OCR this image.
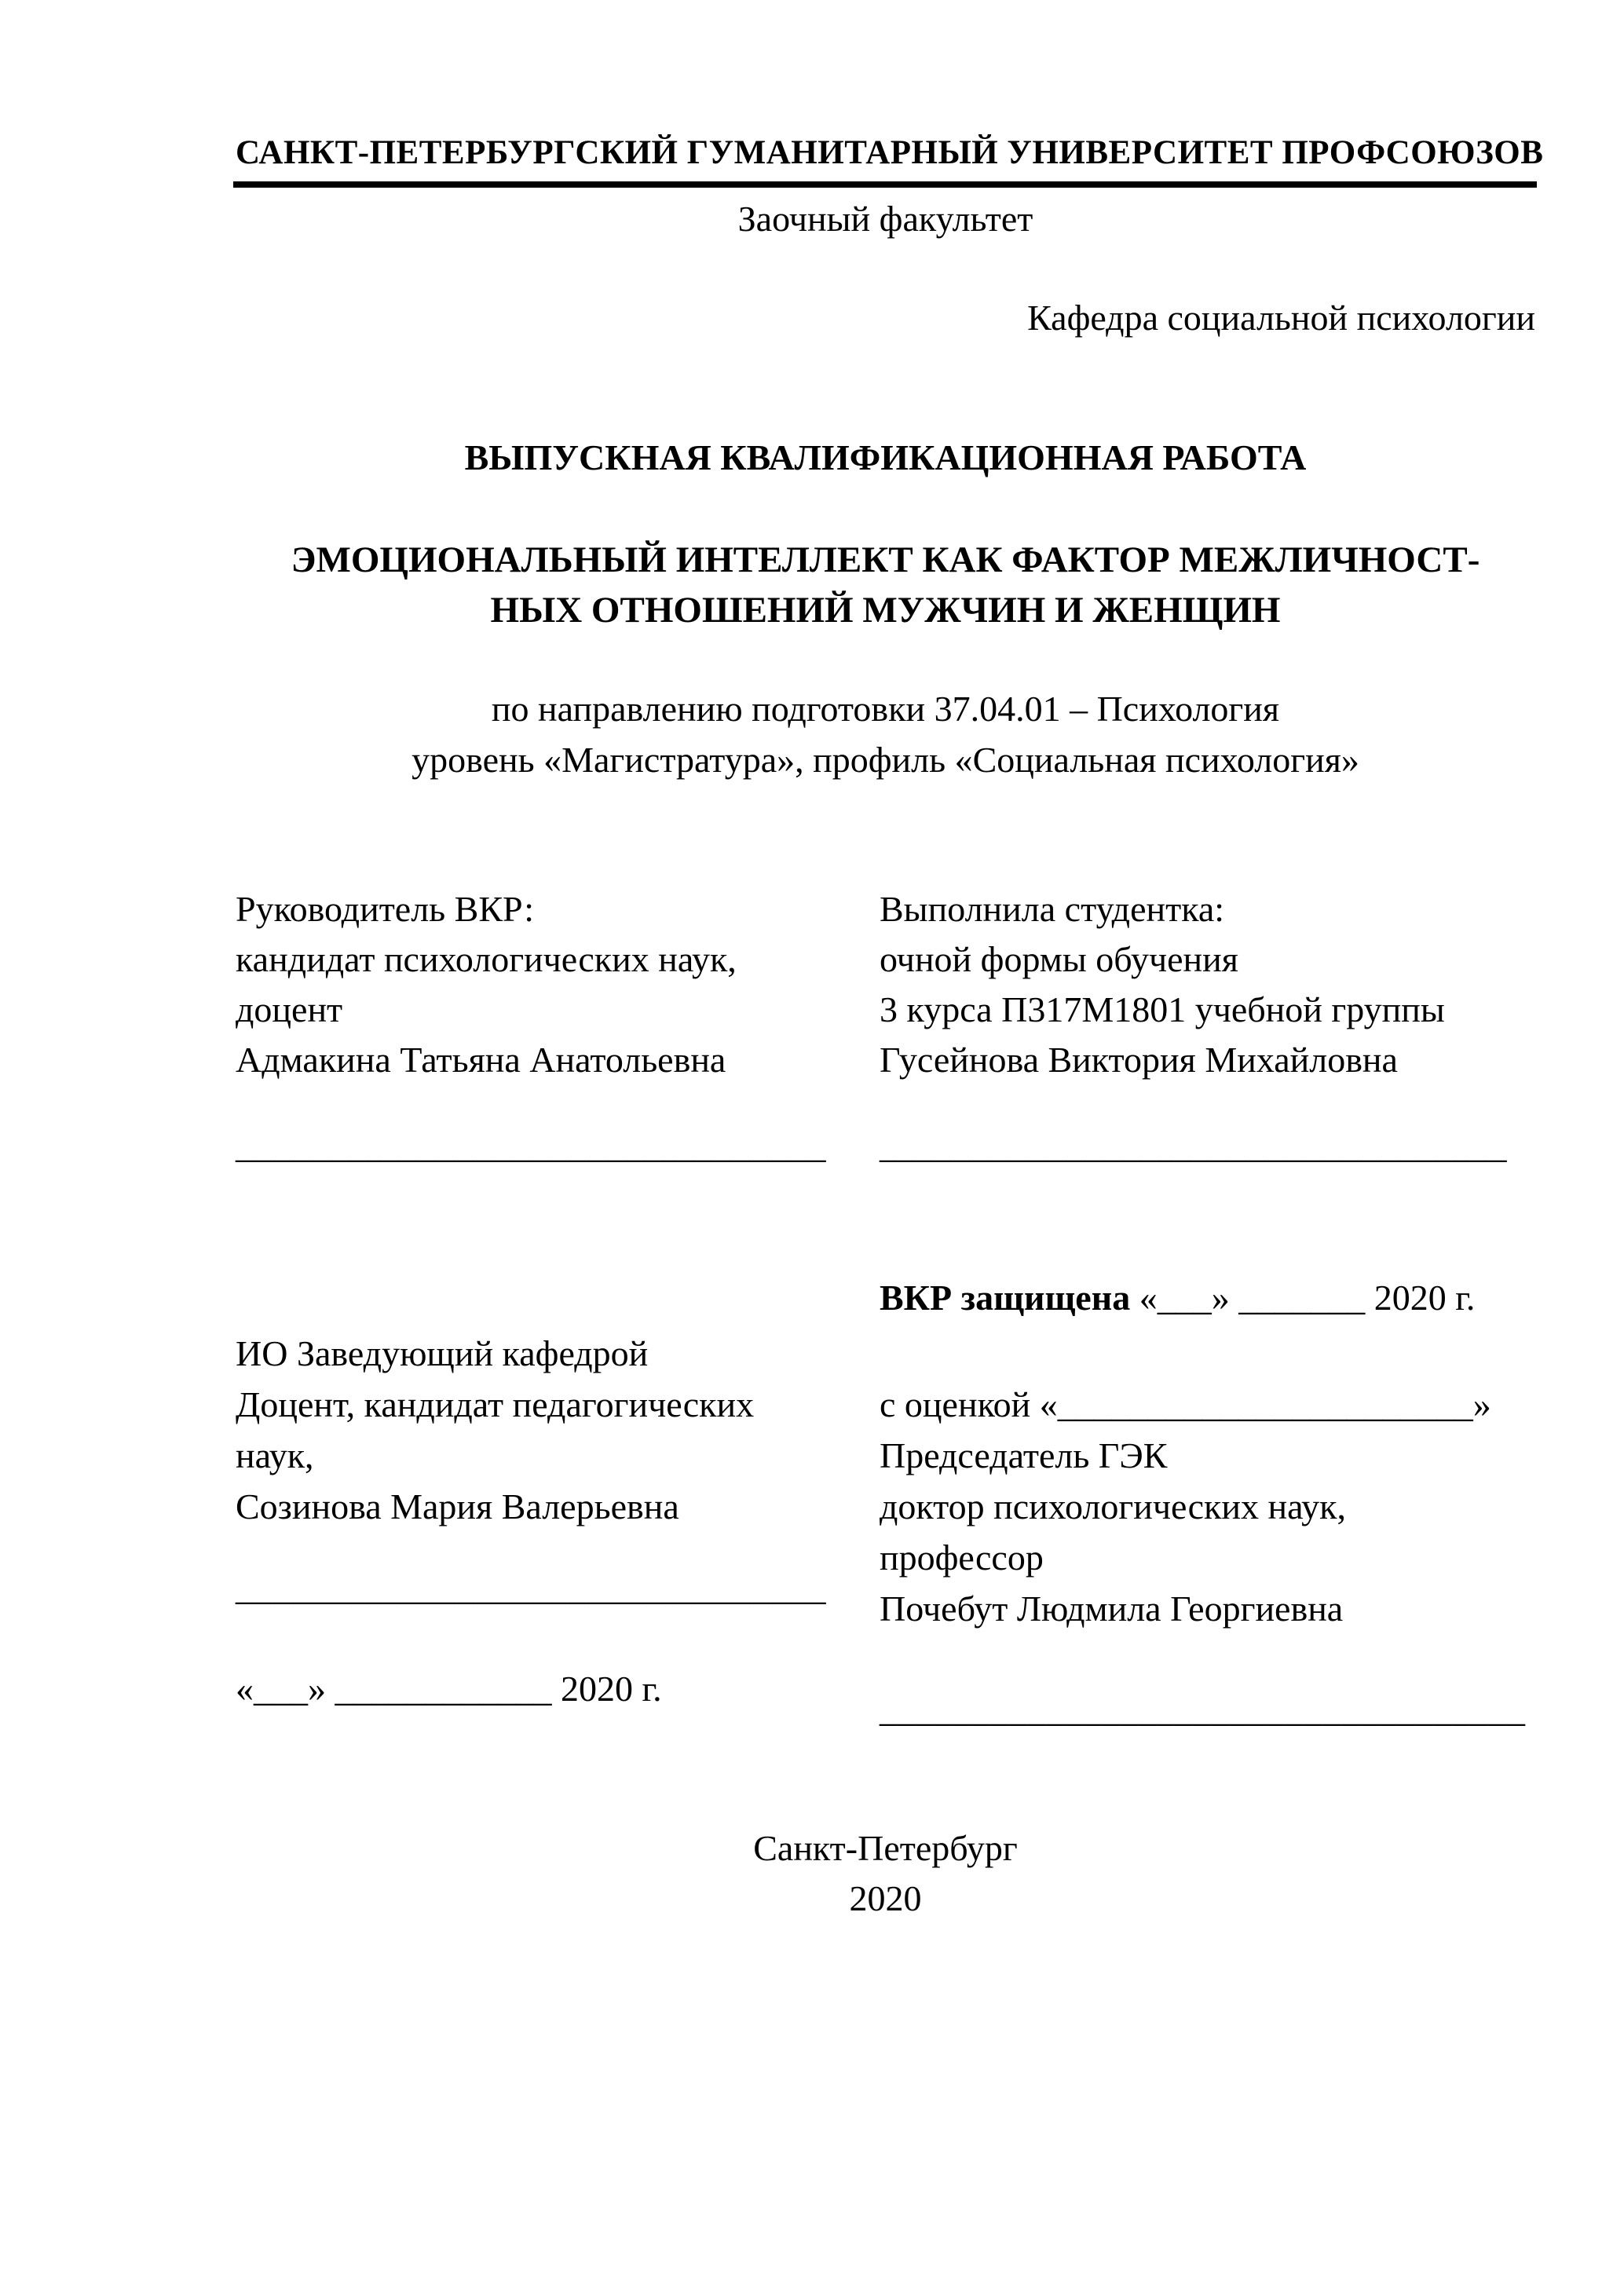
САНКТ-ПЕТЕРБУРГСКИЙ ГУМАНИТАРНЫЙ УНИВЕРСИТЕТ ПРОФСОЮЗОВ
Заочный факультет
Кафедра социальной психологии
ВЫПУСКНАЯ КВАЛИФИКАЦИОННАЯ РАБОТА
ЭМОЦИОНАЛЬНЫЙ ИНТЕЛЛЕКТ КАК ФАКТОР МЕЖЛИЧНОСТ-
НЫХ ОТНОШЕНИЙ МУЖЧИН И ЖЕНЩИН
по направлению подготовки 37.04.01 – Психология
уровень «Магистратура», профиль «Социальная психология»
Руководитель ВКР:
кандидат психологических наук,
доцент
Адмакина Татьяна Анатольевна
Выполнила студентка:
очной формы обучения
3 курса П317М1801 учебной группы
Гусейнова Виктория Михайловна
________________________________	__________________________________
ВКР защищена «___» _______ 2020 г.
ИО Заведующий кафедрой
Доцент, кандидат педагогических
наук,
Созинова Мария Валерьевна
с оценкой «_______________________»
Председатель ГЭК
доктор психологических наук,
профессор
Почебут Людмила Георгиевна
________________________________
«___» ____________ 2020 г.
___________________________________
Санкт-Петербург
2020
